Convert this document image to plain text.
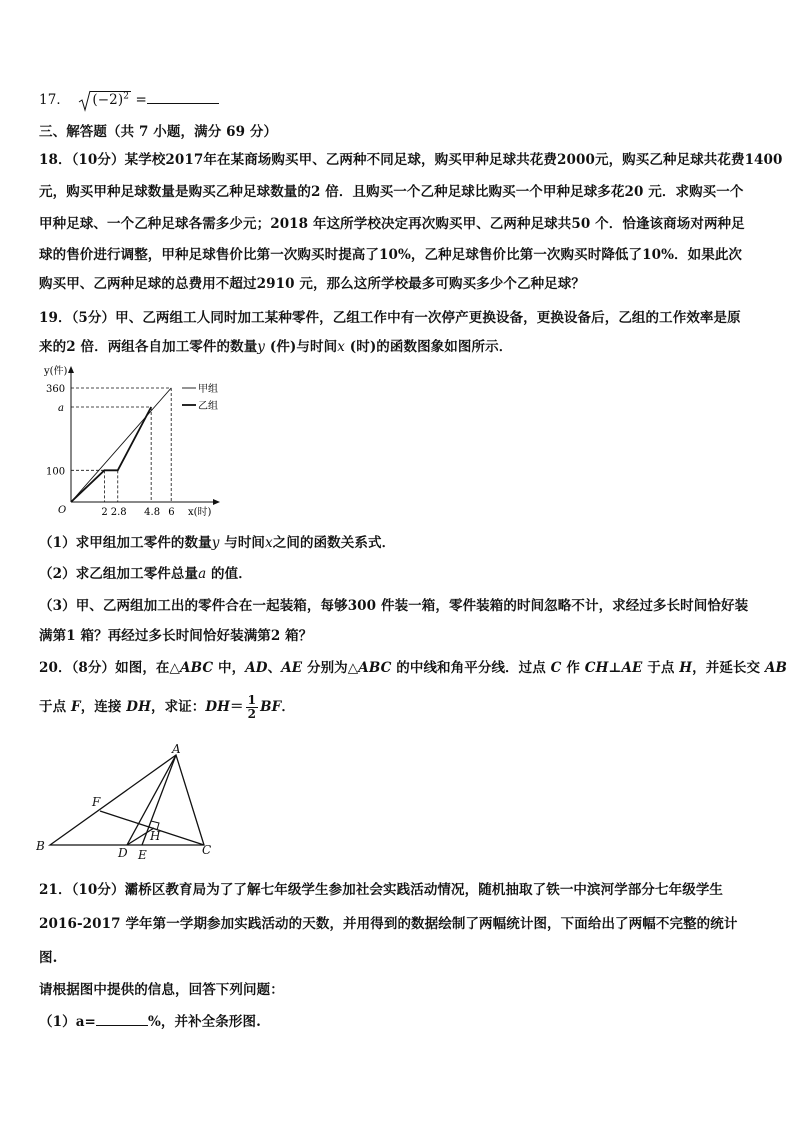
17． $(-2)^2$ =
三、解答题（共 7 小题，满分 69 分）
18．（10分）某学校2017年在某商场购买甲、乙两种不同足球，购买甲种足球共花费2000元，购买乙种足球共花费1400
元，购买甲种足球数量是购买乙种足球数量的2 倍．且购买一个乙种足球比购买一个甲种足球多花20 元．求购买一个
甲种足球、一个乙种足球各需多少元；2018 年这所学校决定再次购买甲、乙两种足球共50 个．恰逢该商场对两种足
球的售价进行调整，甲种足球售价比第一次购买时提高了10%，乙种足球售价比第一次购买时降低了10%．如果此次
购买甲、乙两种足球的总费用不超过2910 元，那么这所学校最多可购买多少个乙种足球？
19．（5分）甲、乙两组工人同时加工某种零件，乙组工作中有一次停产更换设备，更换设备后，乙组的工作效率是原
来的2 倍．两组各自加工零件的数量y (件)与时间x (时)的函数图象如图所示．
y(件)
x(时)
O
100
a
360
2 2.8 4.8 6
甲组
乙组
（1）求甲组加工零件的数量y 与时间x之间的函数关系式．
（2）求乙组加工零件总量a 的值．
（3）甲、乙两组加工出的零件合在一起装箱，每够300 件装一箱，零件装箱的时间忽略不计，求经过多长时间恰好装
满第1 箱？再经过多长时间恰好装满第2 箱？
20．（8分）如图，在△ABC 中，AD、AE 分别为△ABC 的中线和角平分线．过点 C 作 CH⊥AE 于点 H，并延长交 AB
于点 F，连接 DH，求证：$DH= \frac{1}{2}$ BF．
A
B	C
D E
F
H
21．（10分）灞桥区教育局为了了解七年级学生参加社会实践活动情况，随机抽取了铁一中滨河学部分七年级学生
2016-2017 学年第一学期参加实践活动的天数，并用得到的数据绘制了两幅统计图，下面给出了两幅不完整的统计
图.
请根据图中提供的信息，回答下列问题：
（1）a=	%，并补全条形图.
